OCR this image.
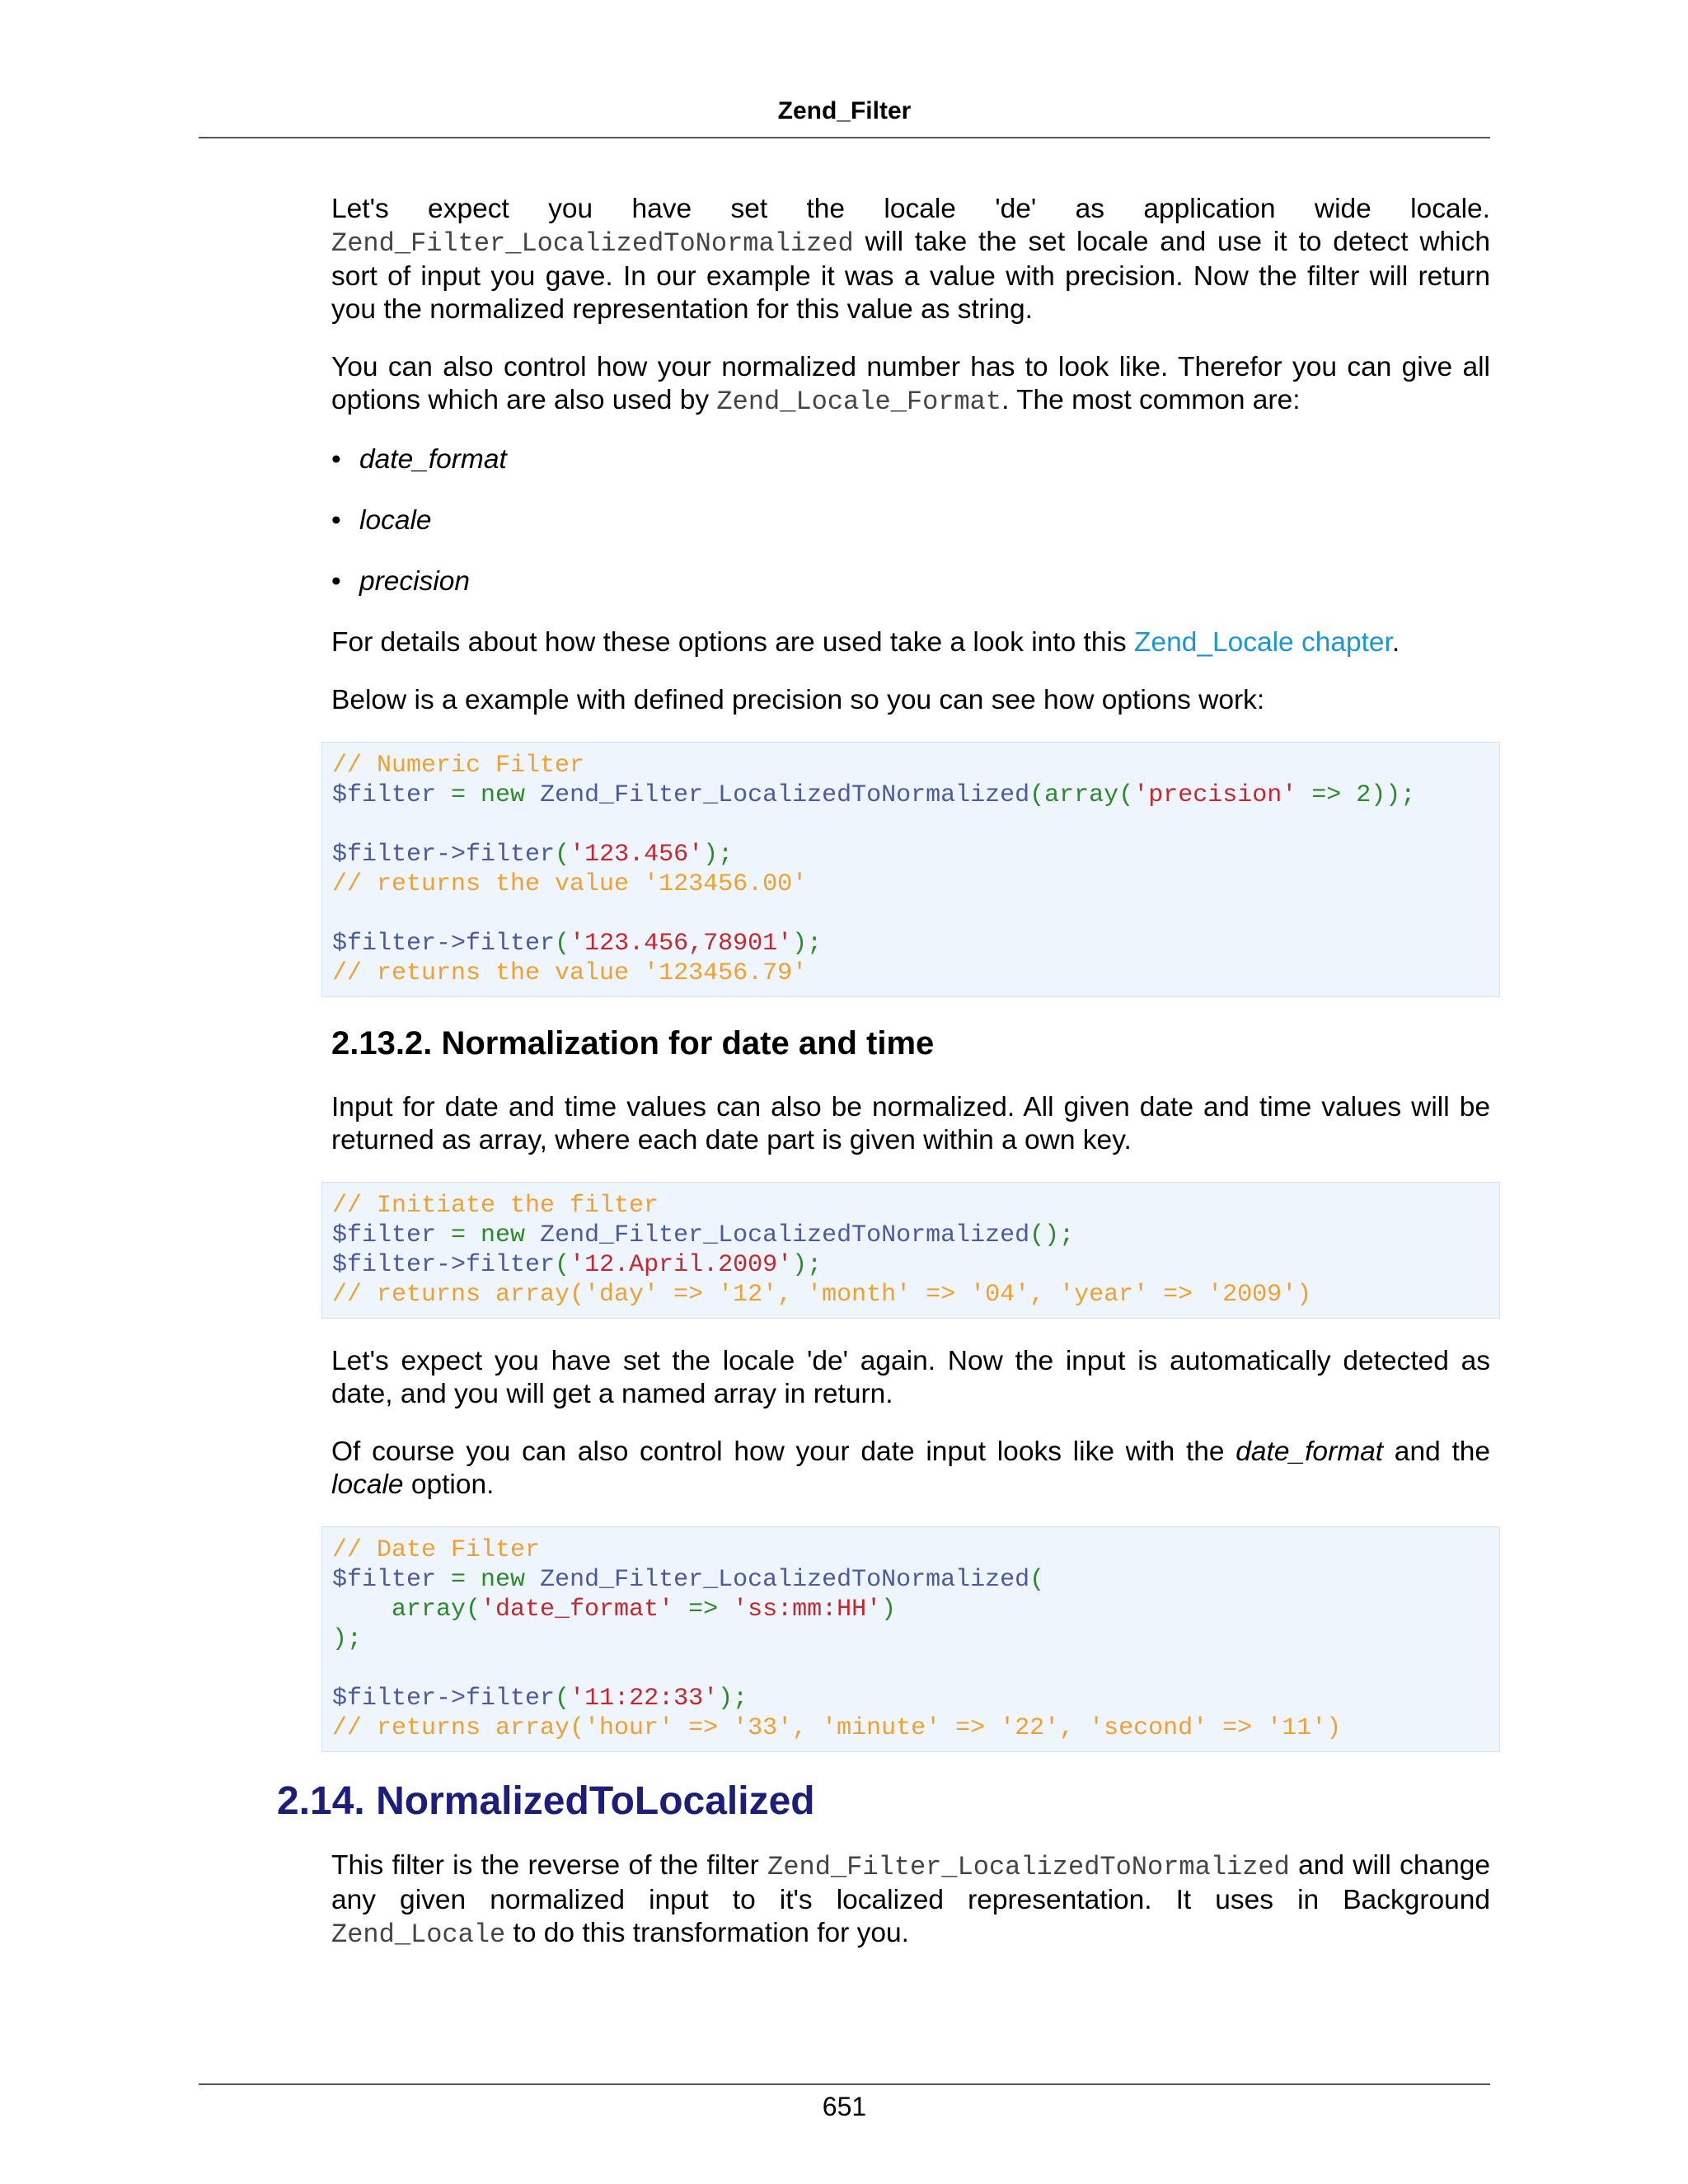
Zend_Filter

Let's expect you have set the locale 'de' as application wide locale. Zend_Filter_LocalizedToNormalized will take the set locale and use it to detect which sort of input you gave. In our example it was a value with precision. Now the filter will return you the normalized representation for this value as string.

You can also control how your normalized number has to look like. Therefor you can give all options which are also used by Zend_Locale_Format. The most common are:

• date_format
• locale
• precision

For details about how these options are used take a look into this Zend_Locale chapter.

Below is a example with defined precision so you can see how options work:

// Numeric Filter
$filter = new Zend_Filter_LocalizedToNormalized(array('precision' => 2));
$filter->filter('123.456');
// returns the value '123456.00'
$filter->filter('123.456,78901');
// returns the value '123456.79'
2.13.2. Normalization for date and time

Input for date and time values can also be normalized. All given date and time values will be returned as array, where each date part is given within a own key.

// Initiate the filter
$filter = new Zend_Filter_LocalizedToNormalized();
$filter->filter('12.April.2009');
// returns array('day' => '12', 'month' => '04', 'year' => '2009')

Let's expect you have set the locale 'de' again. Now the input is automatically detected as date, and you will get a named array in return.

Of course you can also control how your date input looks like with the date_format and the locale option.

// Date Filter
$filter = new Zend_Filter_LocalizedToNormalized(
array('date_format' => 'ss:mm:HH')
);
$filter->filter('11:22:33');
// returns array('hour' => '33', 'minute' => '22', 'second' => '11')
2.14. NormalizedToLocalized

This filter is the reverse of the filter Zend_Filter_LocalizedToNormalized and will change any given normalized input to it's localized representation. It uses in Background Zend_Locale to do this transformation for you.

651
